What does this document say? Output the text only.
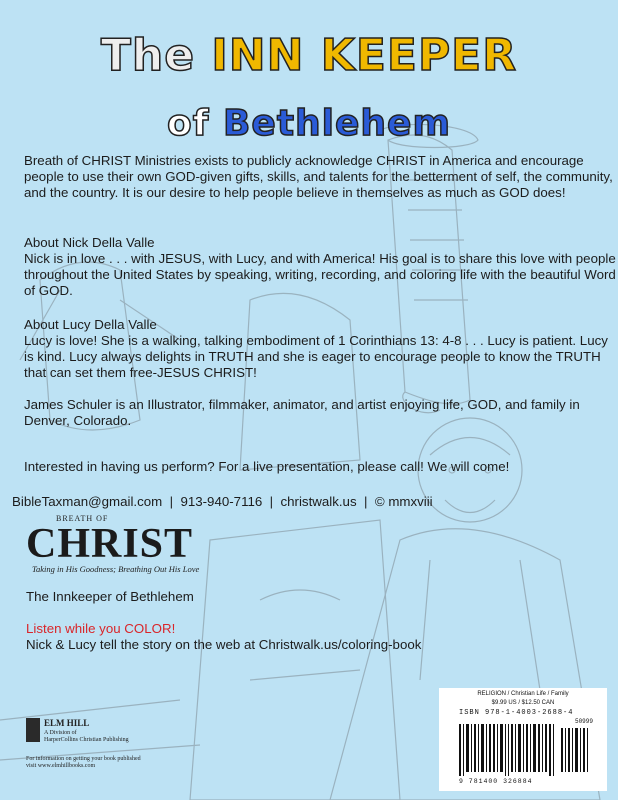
The INN KEEPER
of Bethlehem

Breath of CHRIST Ministries exists to publicly acknowledge CHRIST in America and encourage people to use their own GOD-given gifts, skills, and talents for the betterment of self, the community, and the country. It is our desire to help people believe in themselves as much as GOD does!

About Nick Della Valle

Nick is in love . . . with JESUS, with Lucy, and with America! His goal is to share this love with people throughout the United States by speaking, writing, recording, and coloring life with the beautiful Word of GOD.

About Lucy Della Valle

Lucy is love! She is a walking, talking embodiment of 1 Corinthians 13: 4-8 . . . Lucy is patient. Lucy is kind. Lucy always delights in TRUTH and she is eager to encourage people to know the TRUTH that can set them free-JESUS CHRIST!

James Schuler is an Illustrator, filmmaker, animator, and artist enjoying life, GOD, and family in Denver, Colorado.

Interested in having us perform? For a live presentation, please call! We will come!

BibleTaxman@gmail.com  |  913-940-7116  |  christwalk.us  |  © mmxviii
BREATH OF
CHRIST
Taking in His Goodness; Breathing Out His Love
The Innkeeper of Bethlehem
Listen while you COLOR!
Nick & Lucy tell the story on the web at Christwalk.us/coloring-book
ELM HILL
A Division of
HarperCollins Christian Publishing
For information on getting your book published
visit www.elmhillbooks.com
RELIGION / Christian Life / Family
$9.99 US / $12.50 CAN
ISBN 978-1-4003-2688-4
50999
9 781400 326884
